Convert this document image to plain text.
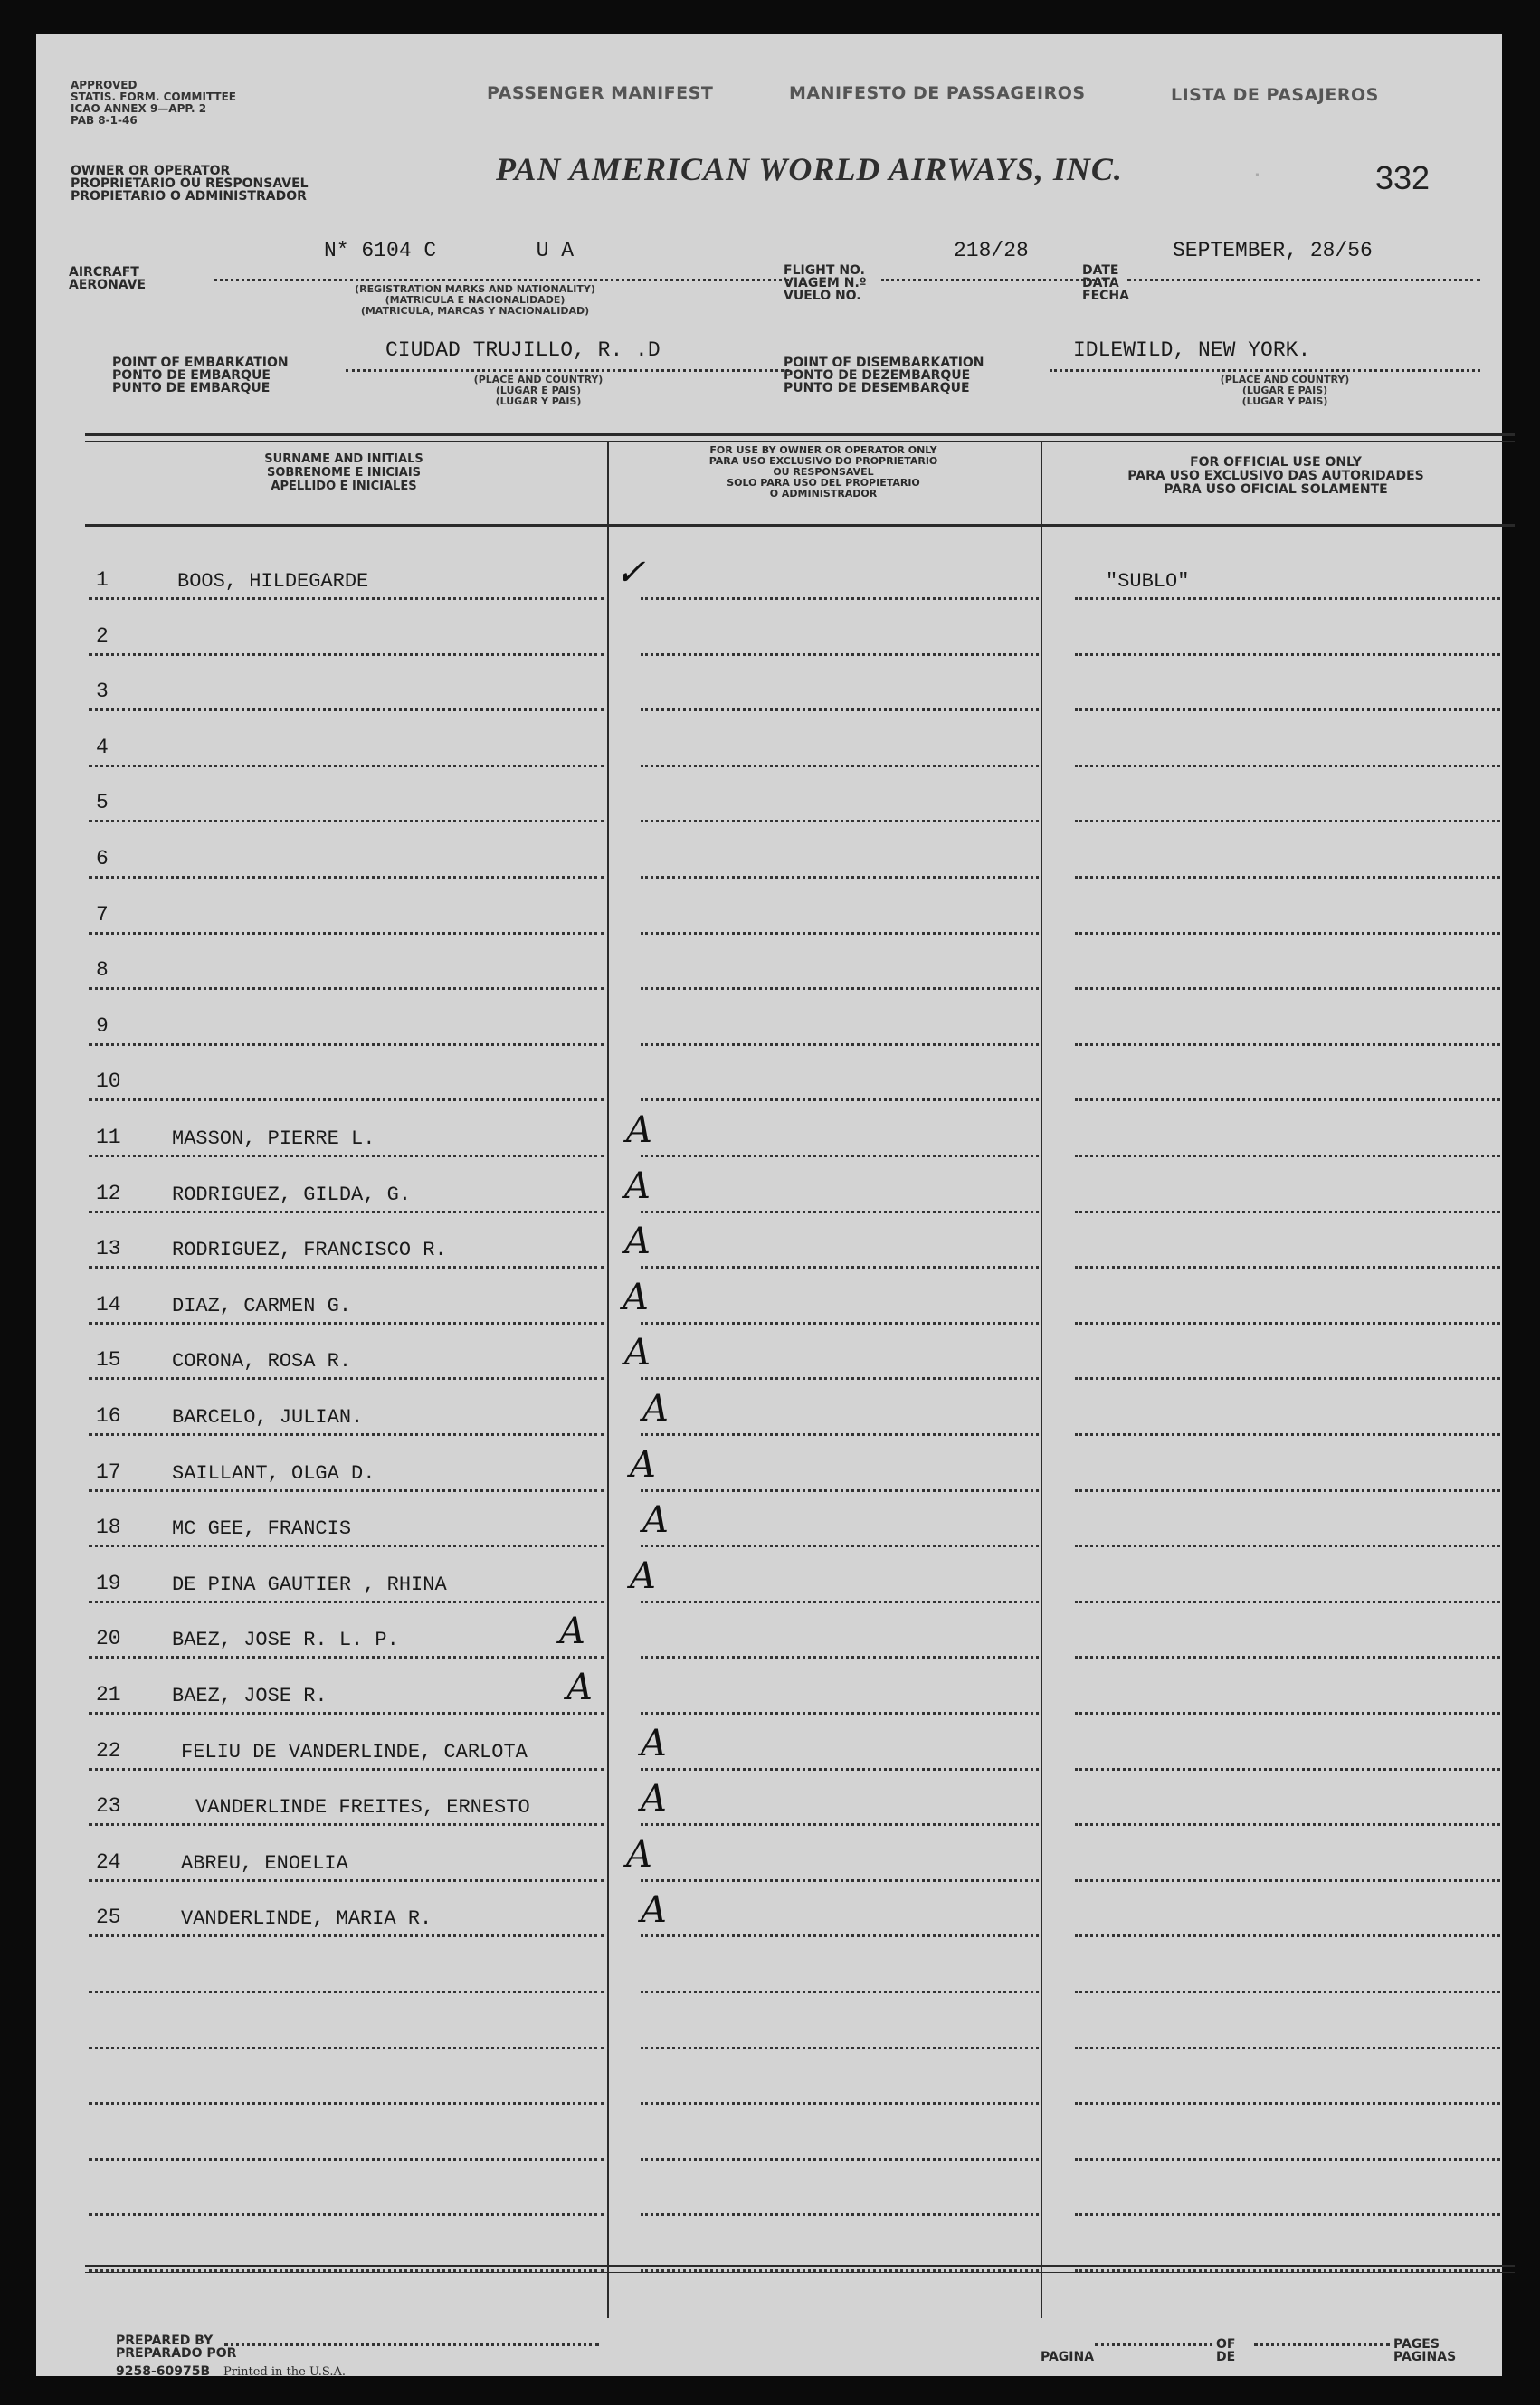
APPROVED
STATIS. FORM. COMMITTEE
ICAO ANNEX 9—APP. 2
PAB 8-1-46
PASSENGER MANIFEST	MANIFESTO DE PASSAGEIROS	LISTA DE PASAJEROS
OWNER OR OPERATOR
PROPRIETARIO OU RESPONSAVEL
PROPIETARIO O ADMINISTRADOR
PAN AMERICAN WORLD AIRWAYS, INC.	.	332
AIRCRAFT
AERONAVE
N* 6104 C        U A
(REGISTRATION MARKS AND NATIONALITY)
(MATRICULA E NACIONALIDADE)
(MATRICULA, MARCAS Y NACIONALIDAD)
FLIGHT NO.
VIAGEM N.º
VUELO NO.
218/28
DATE
DATA
FECHA
SEPTEMBER, 28/56
POINT OF EMBARKATION
PONTO DE EMBARQUE
PUNTO DE EMBARQUE
CIUDAD TRUJILLO, R. .D
(PLACE AND COUNTRY)
(LUGAR E PAIS)
(LUGAR Y PAIS)
POINT OF DISEMBARKATION
PONTO DE DEZEMBARQUE
PUNTO DE DESEMBARQUE
IDLEWILD, NEW YORK.
(PLACE AND COUNTRY)
(LUGAR E PAIS)
(LUGAR Y PAIS)
SURNAME AND INITIALS
SOBRENOME E INICIAIS
APELLIDO E INICIALES
FOR USE BY OWNER OR OPERATOR ONLY
PARA USO EXCLUSIVO DO PROPRIETARIO
OU RESPONSAVEL
SOLO PARA USO DEL PROPIETARIO
O ADMINISTRADOR
FOR OFFICIAL USE ONLY
PARA USO EXCLUSIVO DAS AUTORIDADES
PARA USO OFICIAL SOLAMENTE
1	BOOS, HILDEGARDE	✓	"SUBLO"
2
3
4
5
6
7
8
9
10
11	MASSON, PIERRE L.	A
12	RODRIGUEZ, GILDA, G.	A
13	RODRIGUEZ, FRANCISCO R.	A
14	DIAZ, CARMEN G.	A
15	CORONA, ROSA R.	A
16	BARCELO, JULIAN.	A
17	SAILLANT, OLGA D.	A
18	MC GEE, FRANCIS	A
19	DE PINA GAUTIER , RHINA	A
20	BAEZ, JOSE R. L. P.	A
21	BAEZ, JOSE R.	A
22	FELIU DE VANDERLINDE, CARLOTA	A
23	VANDERLINDE FREITES, ERNESTO	A
24	ABREU, ENOELIA	A
25	VANDERLINDE, MARIA R.	A
PREPARED BY
PREPARADO POR
9258-60975B Printed in the U.S.A.
PAGINA
OF
DE
PAGES
PAGINAS
